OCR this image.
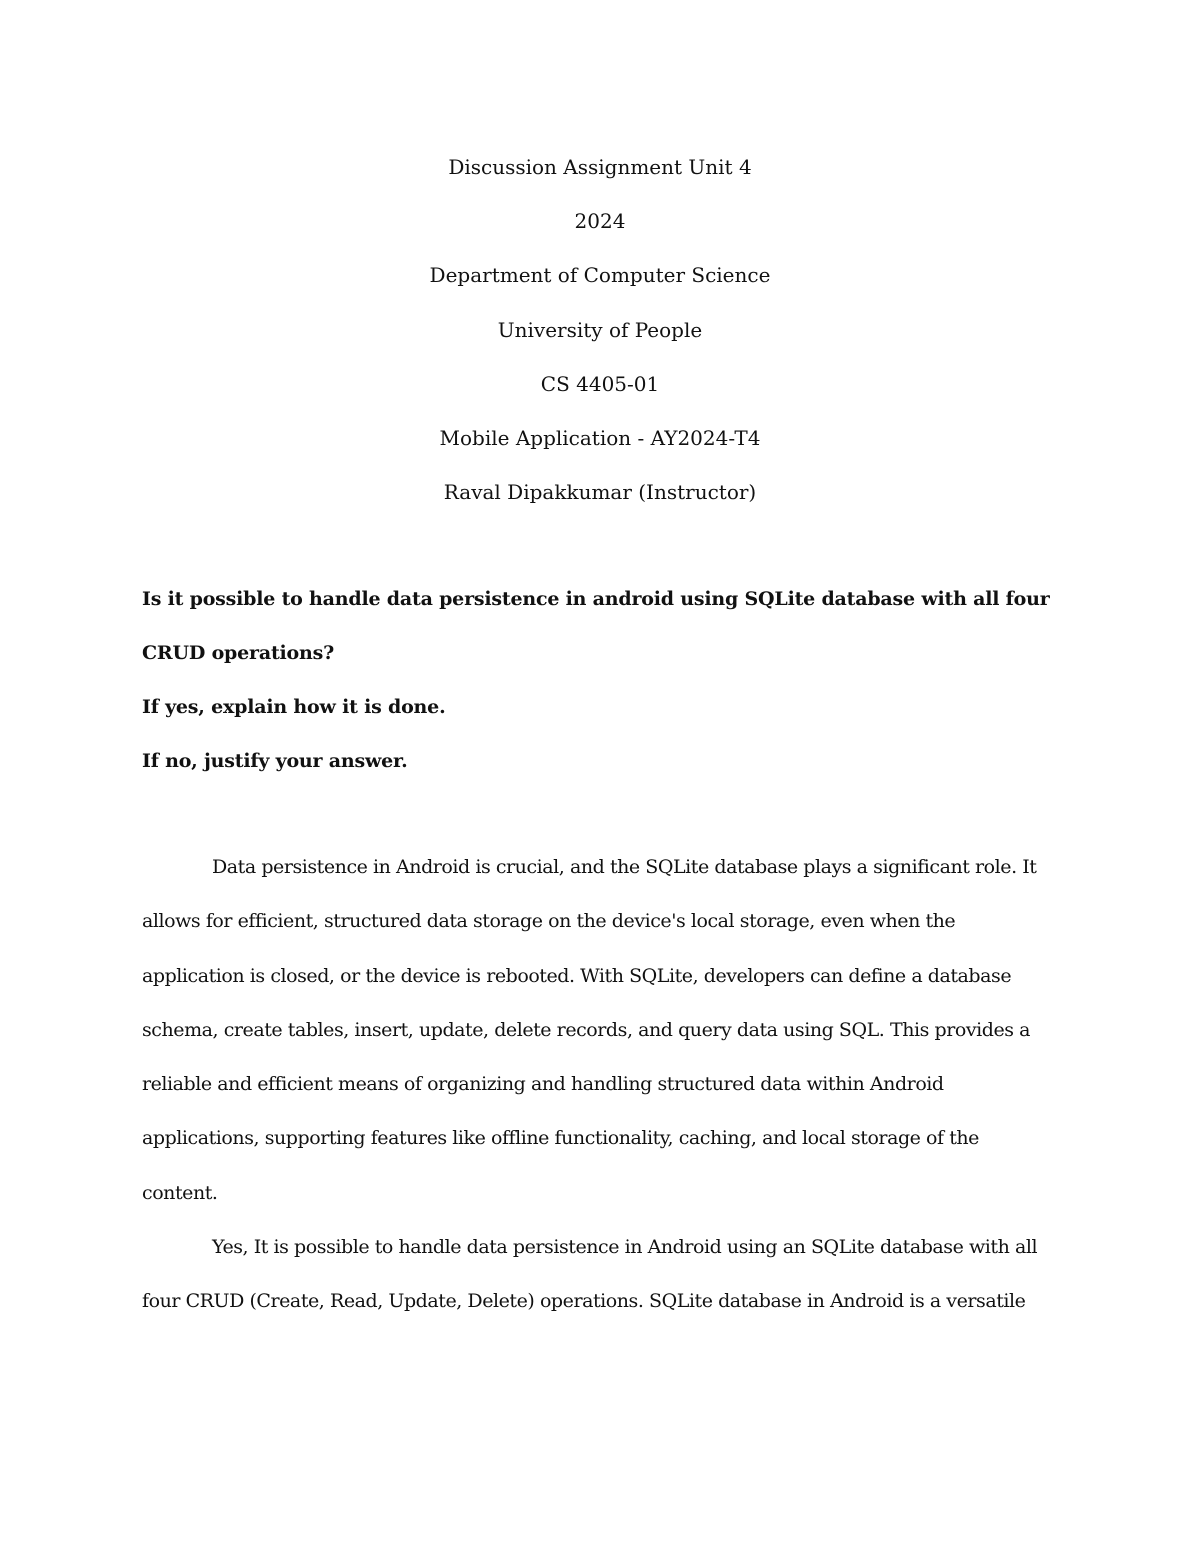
Discussion Assignment Unit 4
2024
Department of Computer Science
University of People
CS 4405-01
Mobile Application - AY2024-T4
Raval Dipakkumar (Instructor)
Is it possible to handle data persistence in android using SQLite database with all four
CRUD operations?
If yes, explain how it is done.
If no, justify your answer.

Data persistence in Android is crucial, and the SQLite database plays a significant role. It
allows for efficient, structured data storage on the device's local storage, even when the
application is closed, or the device is rebooted. With SQLite, developers can define a database
schema, create tables, insert, update, delete records, and query data using SQL. This provides a
reliable and efficient means of organizing and handling structured data within Android
applications, supporting features like offline functionality, caching, and local storage of the
content.

Yes, It is possible to handle data persistence in Android using an SQLite database with all
four CRUD (Create, Read, Update, Delete) operations. SQLite database in Android is a versatile
